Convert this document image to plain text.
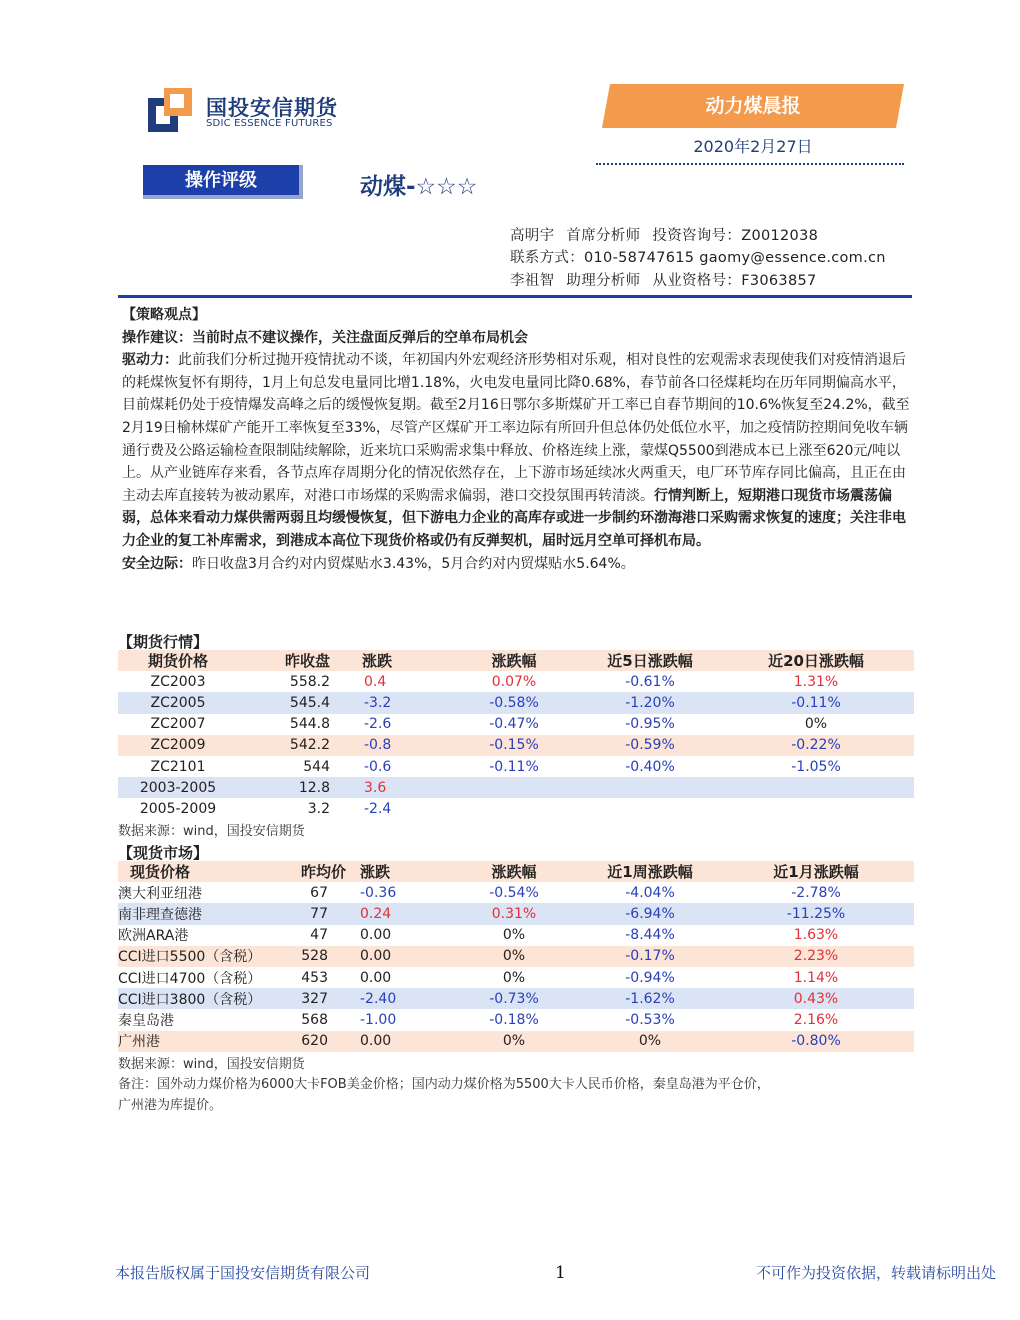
国投安信期货
SDIC ESSENCE FUTURES
动力煤晨报
2020年2月27日
操作评级	动煤-☆☆☆
高明宇 首席分析师 投资咨询号：Z0012038
联系方式：010-58747615 gaomy@essence.com.cn
李祖智 助理分析师 从业资格号：F3063857

【策略观点】

操作建议：当前时点不建议操作，关注盘面反弹后的空单布局机会

驱动力：此前我们分析过抛开疫情扰动不谈，年初国内外宏观经济形势相对乐观，相对良性的宏观需求表现使我们对疫情消退后的耗煤恢复怀有期待，1月上旬总发电量同比增1.18%，火电发电量同比降0.68%，春节前各口径煤耗均在历年同期偏高水平，目前煤耗仍处于疫情爆发高峰之后的缓慢恢复期。截至2月16日鄂尔多斯煤矿开工率已自春节期间的10.6%恢复至24.2%，截至2月19日榆林煤矿产能开工率恢复至33%，尽管产区煤矿开工率边际有所回升但总体仍处低位水平，加之疫情防控期间免收车辆通行费及公路运输检查限制陆续解除，近来坑口采购需求集中释放、价格连续上涨，蒙煤Q5500到港成本已上涨至620元/吨以上。从产业链库存来看，各节点库存周期分化的情况依然存在，上下游市场延续冰火两重天，电厂环节库存同比偏高，且正在由主动去库直接转为被动累库，对港口市场煤的采购需求偏弱，港口交投氛围再转清淡。行情判断上，短期港口现货市场震荡偏弱，总体来看动力煤供需两弱且均缓慢恢复，但下游电力企业的高库存或进一步制约环渤海港口采购需求恢复的速度；关注非电力企业的复工补库需求，到港成本高位下现货价格或仍有反弹契机，届时远月空单可择机布局。

安全边际：昨日收盘3月合约对内贸煤贴水3.43%，5月合约对内贸煤贴水5.64%。

【期货行情】
期货价格	昨收盘	涨跌	涨跌幅	近5日涨跌幅	近20日涨跌幅
ZC2003	558.2	0.4	0.07%	-0.61%	1.31%
ZC2005	545.4	-3.2	-0.58%	-1.20%	-0.11%
ZC2007	544.8	-2.6	-0.47%	-0.95%	0%
ZC2009	542.2	-0.8	-0.15%	-0.59%	-0.22%
ZC2101	544	-0.6	-0.11%	-0.40%	-1.05%
2003-2005	12.8	3.6			
2005-2009	3.2	-2.4			
数据来源：wind，国投安信期货
【现货市场】
现货价格	昨均价	涨跌	涨跌幅	近1周涨跌幅	近1月涨跌幅
澳大利亚纽港	67	-0.36	-0.54%	-4.04%	-2.78%
南非理查德港	77	0.24	0.31%	-6.94%	-11.25%
欧洲ARA港	47	0.00	0%	-8.44%	1.63%
CCI进口5500（含税）	528	0.00	0%	-0.17%	2.23%
CCI进口4700（含税）	453	0.00	0%	-0.94%	1.14%
CCI进口3800（含税）	327	-2.40	-0.73%	-1.62%	0.43%
秦皇岛港	568	-1.00	-0.18%	-0.53%	2.16%
广州港	620	0.00	0%	0%	-0.80%
数据来源：wind，国投安信期货
备注：国外动力煤价格为6000大卡FOB美金价格；国内动力煤价格为5500大卡人民币价格，秦皇岛港为平仓价，
广州港为库提价。
本报告版权属于国投安信期货有限公司	1	不可作为投资依据，转载请标明出处
